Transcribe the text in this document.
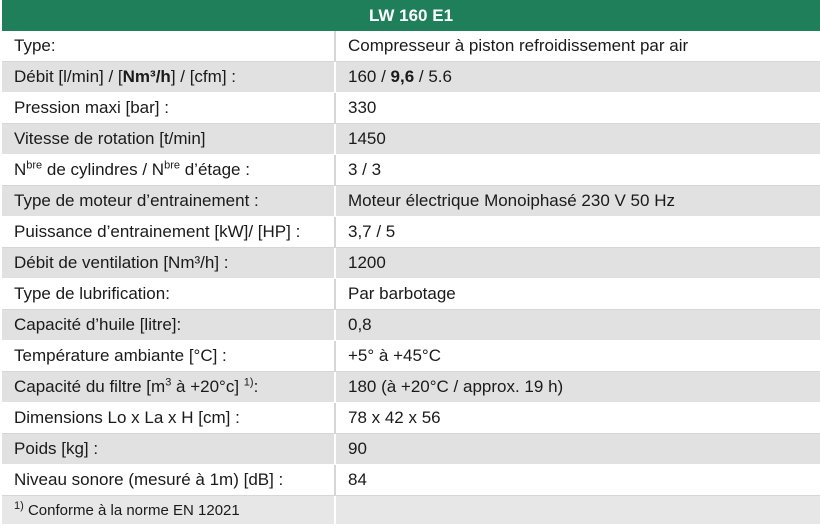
LW 160 E1
Type:	Compresseur à piston refroidissement par air
Débit [l/min] / [Nm³/h] / [cfm] :	160 / 9,6 / 5.6
Pression maxi [bar] :	330
Vitesse de rotation [t/min]	1450
$N^{bre}$ de cylindres / $N^{bre}$ d’étage :	3 / 3
Type de moteur d’entrainement :	Moteur électrique Monoiphasé 230 V 50 Hz
Puissance d’entrainement [kW]/ [HP] :	3,7 / 5
Débit de ventilation [Nm³/h] :	1200
Type de lubrification:	Par barbotage
Capacité d’huile [litre]:	0,8
Température ambiante [°C] :	+5° à +45°C
Capacité du filtre [$m^3$ à +20°c] $^{1)}$:	180 (à +20°C / approx. 19 h)
Dimensions Lo x La x H [cm] :	78 x 42 x 56
Poids [kg] :	90
Niveau sonore (mesuré à 1m) [dB] :	84
$^{1)}$ Conforme à la norme EN 12021	
